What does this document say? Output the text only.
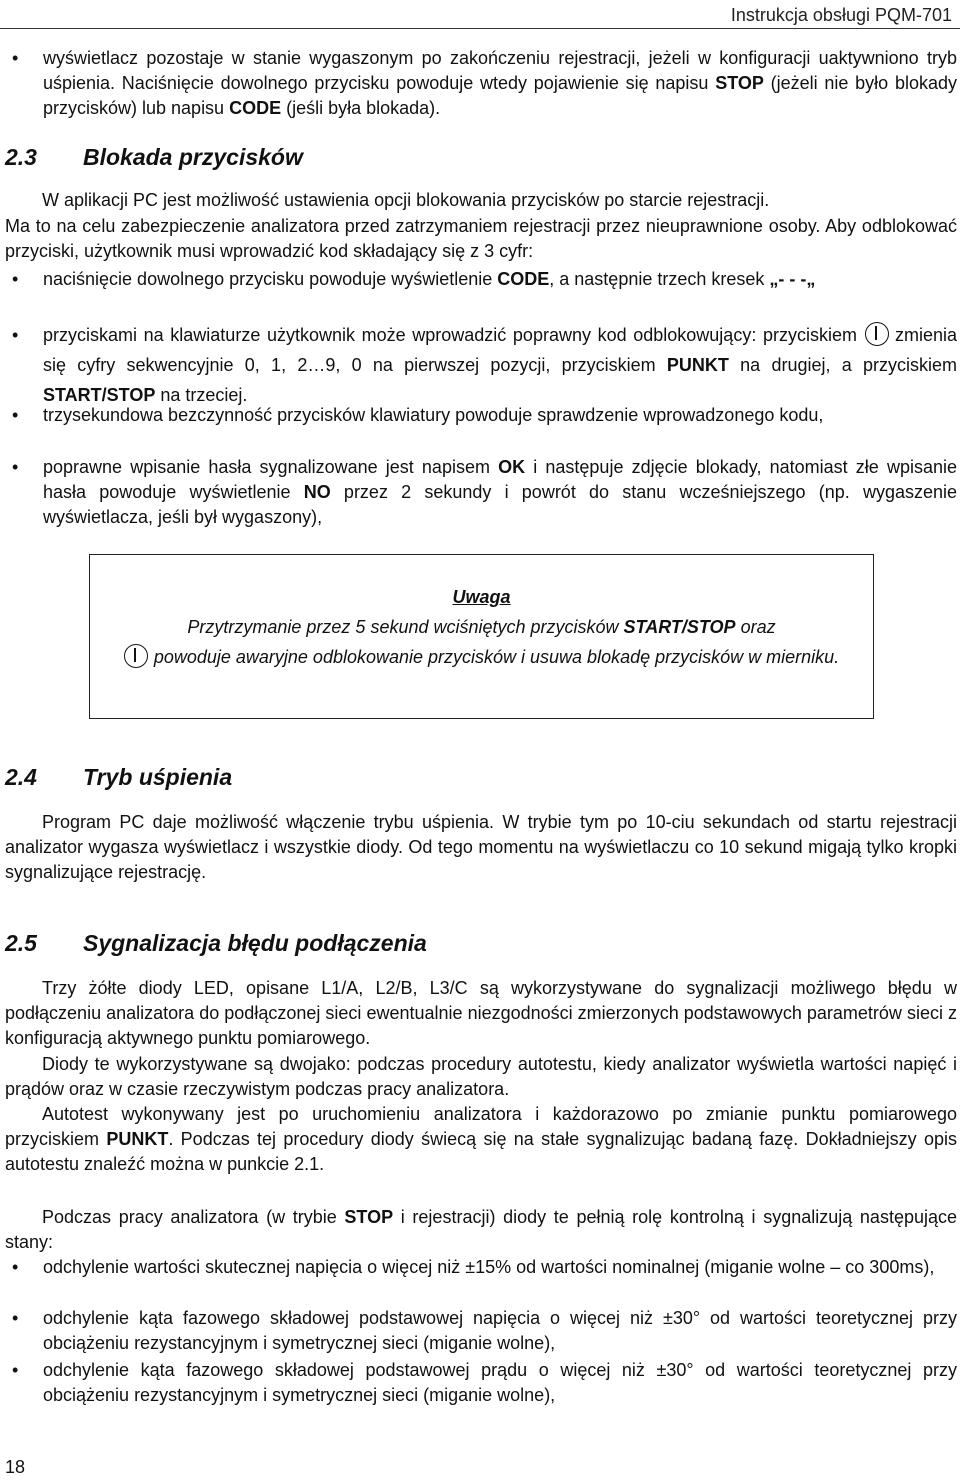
Instrukcja obsługi PQM-701
• wyświetlacz pozostaje w stanie wygaszonym po zakończeniu rejestracji, jeżeli w konfiguracji uaktywniono tryb uśpienia. Naciśnięcie dowolnego przycisku powoduje wtedy pojawienie się napisu STOP (jeżeli nie było blokady przycisków) lub napisu CODE (jeśli była blokada).
2.3 Blokada przycisków
W aplikacji PC jest możliwość ustawienia opcji blokowania przycisków po starcie rejestracji.
Ma to na celu zabezpieczenie analizatora przed zatrzymaniem rejestracji przez nieuprawnione osoby. Aby odblokować przyciski, użytkownik musi wprowadzić kod składający się z 3 cyfr:
• naciśnięcie dowolnego przycisku powoduje wyświetlenie CODE, a następnie trzech kresek „- - -„
• przyciskami na klawiaturze użytkownik może wprowadzić poprawny kod odblokowujący: przyciskiem zmienia się cyfry sekwencyjnie 0, 1, 2…9, 0 na pierwszej pozycji, przyciskiem PUNKT na drugiej, a przyciskiem START/STOP na trzeciej.
• trzysekundowa bezczynność przycisków klawiatury powoduje sprawdzenie wprowadzonego kodu,
• poprawne wpisanie hasła sygnalizowane jest napisem OK i następuje zdjęcie blokady, natomiast złe wpisanie hasła powoduje wyświetlenie NO przez 2 sekundy i powrót do stanu wcześniejszego (np. wygaszenie wyświetlacza, jeśli był wygaszony),
Uwaga
Przytrzymanie przez 5 sekund wciśniętych przycisków START/STOP oraz
powoduje awaryjne odblokowanie przycisków i usuwa blokadę przycisków w mierniku.
2.4 Tryb uśpienia
Program PC daje możliwość włączenie trybu uśpienia. W trybie tym po 10-ciu sekundach od startu rejestracji analizator wygasza wyświetlacz i wszystkie diody. Od tego momentu na wyświetlaczu co 10 sekund migają tylko kropki sygnalizujące rejestrację.
2.5 Sygnalizacja błędu podłączenia
Trzy żółte diody LED, opisane L1/A, L2/B, L3/C są wykorzystywane do sygnalizacji możliwego błędu w podłączeniu analizatora do podłączonej sieci ewentualnie niezgodności zmierzonych podstawowych parametrów sieci z konfiguracją aktywnego punktu pomiarowego.
Diody te wykorzystywane są dwojako: podczas procedury autotestu, kiedy analizator wyświetla wartości napięć i prądów oraz w czasie rzeczywistym podczas pracy analizatora.
Autotest wykonywany jest po uruchomieniu analizatora i każdorazowo po zmianie punktu pomiarowego przyciskiem PUNKT. Podczas tej procedury diody świecą się na stałe sygnalizując badaną fazę. Dokładniejszy opis autotestu znaleźć można w punkcie 2.1.
Podczas pracy analizatora (w trybie STOP i rejestracji) diody te pełnią rolę kontrolną i sygnalizują następujące stany:
• odchylenie wartości skutecznej napięcia o więcej niż ±15% od wartości nominalnej (miganie wolne – co 300ms),
• odchylenie kąta fazowego składowej podstawowej napięcia o więcej niż ±30° od wartości teoretycznej przy obciążeniu rezystancyjnym i symetrycznej sieci (miganie wolne),
• odchylenie kąta fazowego składowej podstawowej prądu o więcej niż ±30° od wartości teoretycznej przy obciążeniu rezystancyjnym i symetrycznej sieci (miganie wolne),
18
